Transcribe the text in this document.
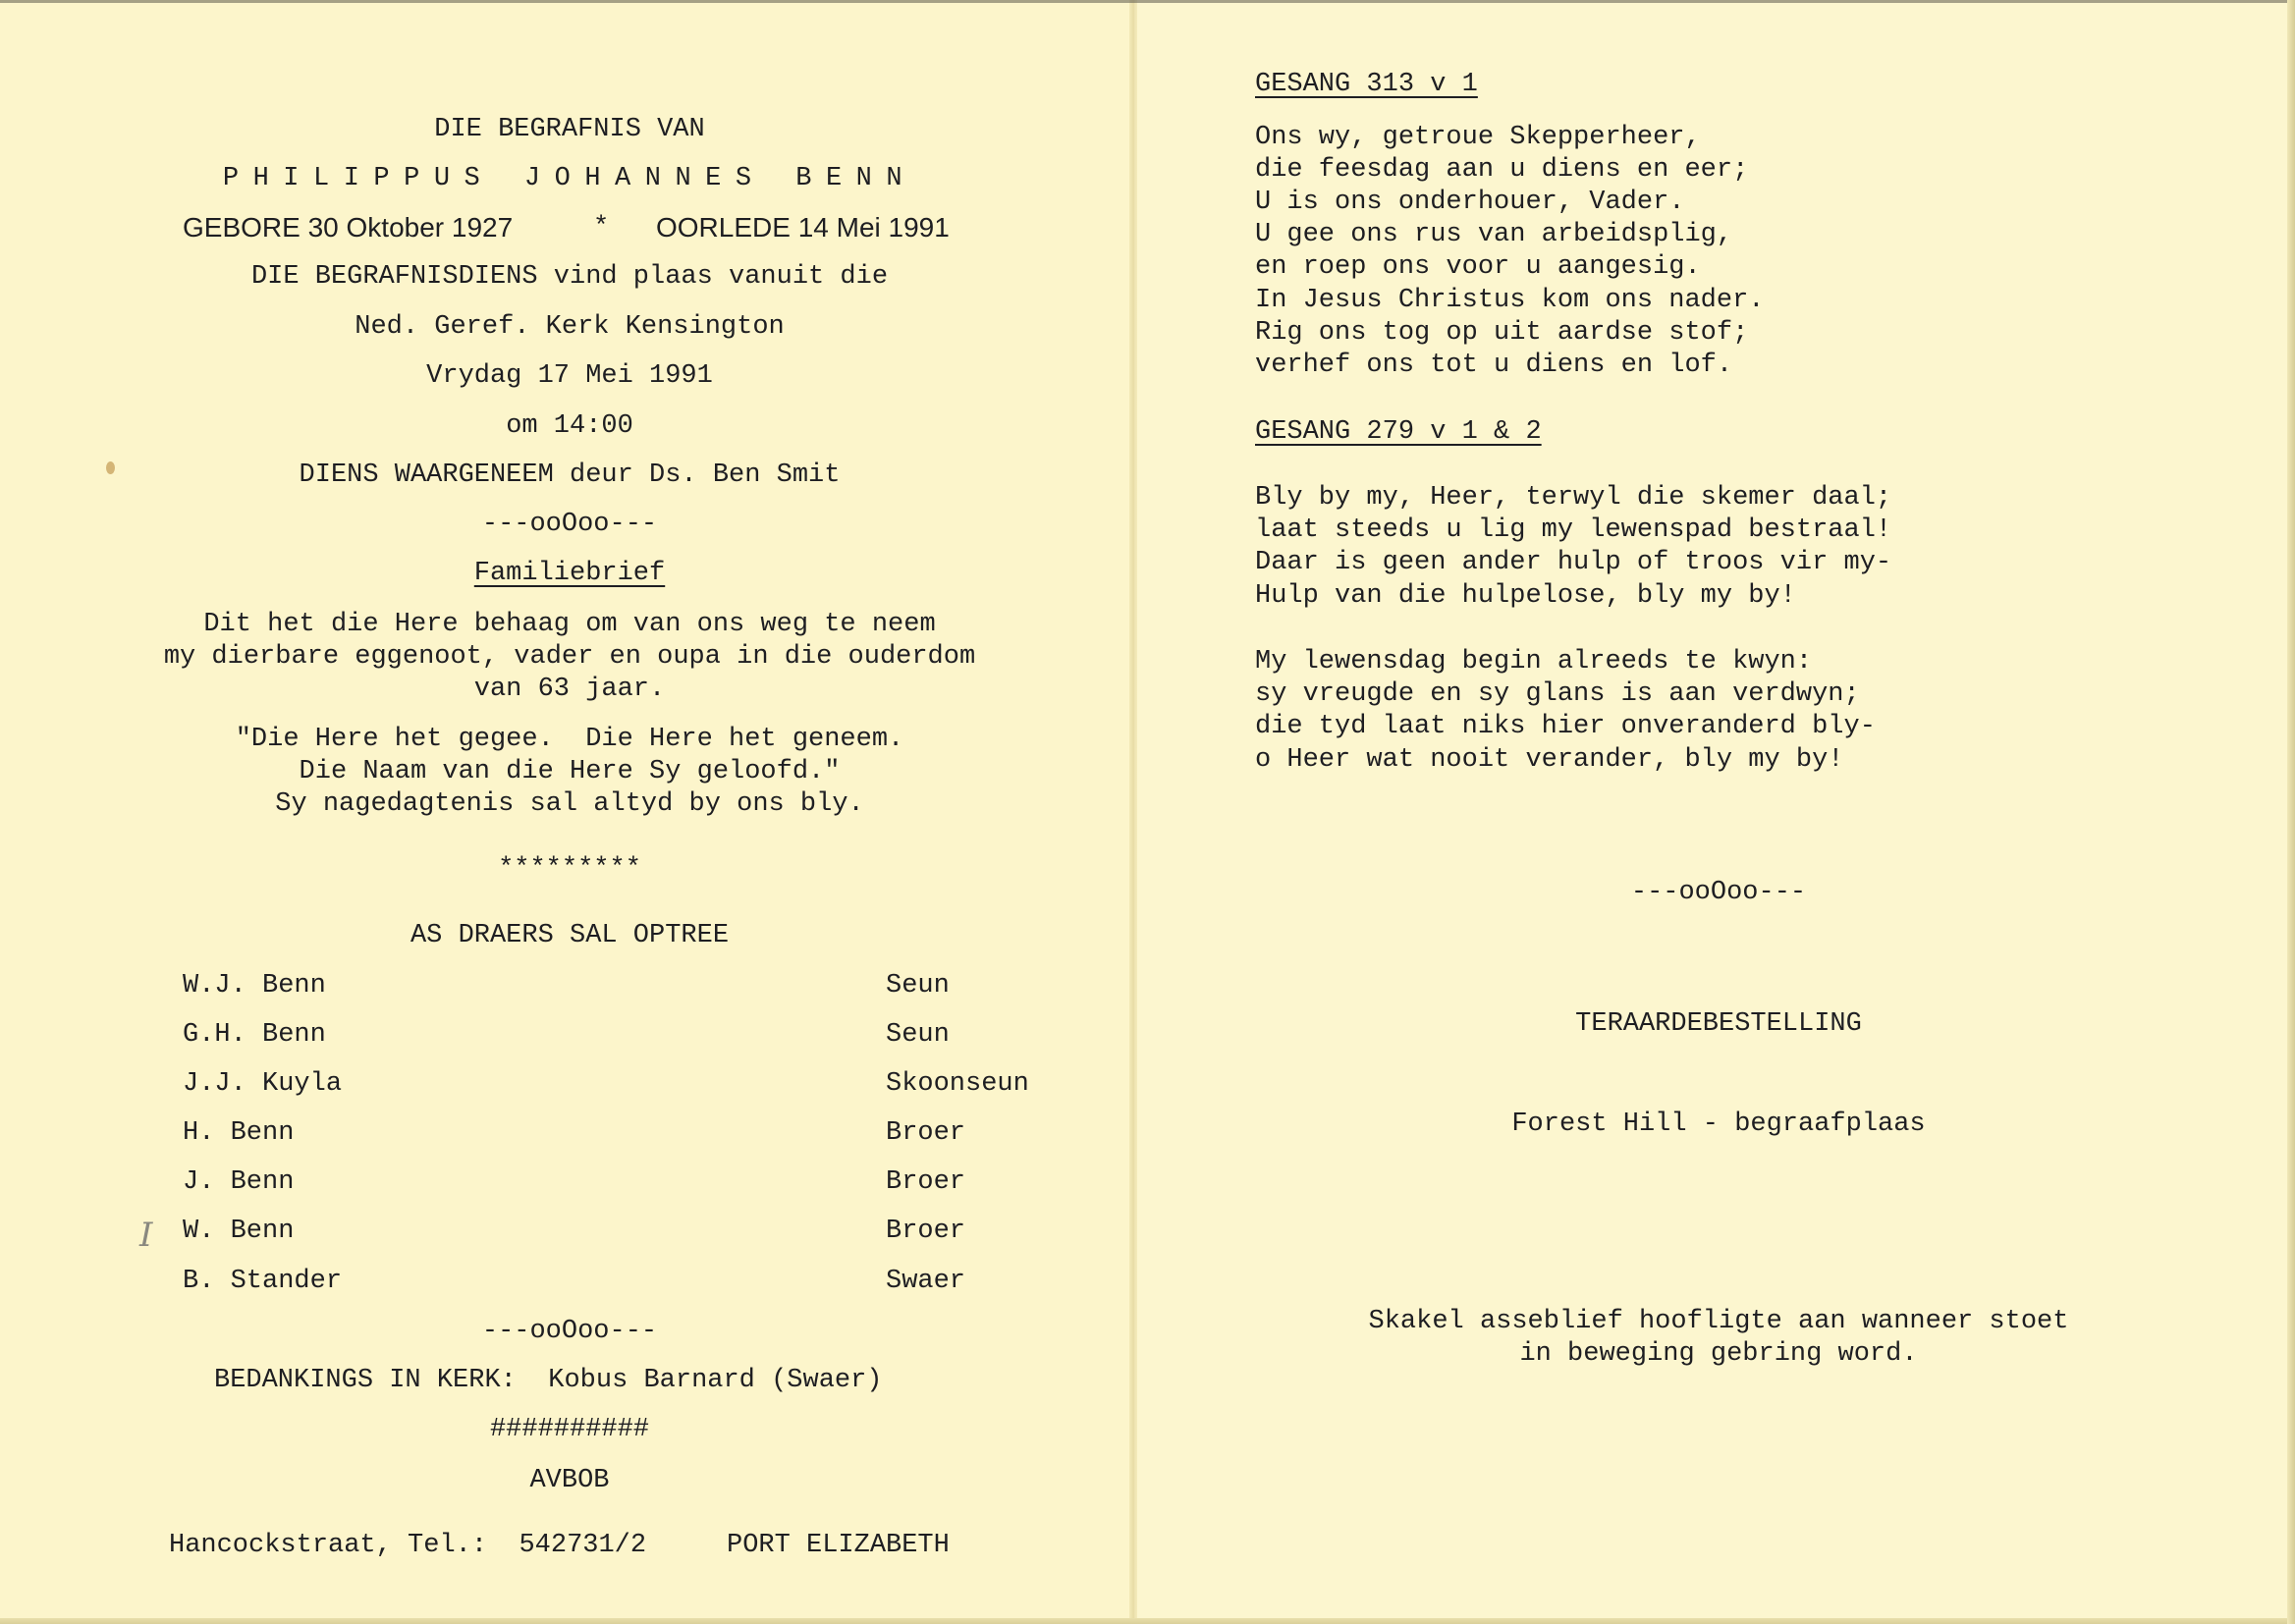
DIE BEGRAFNIS VAN
PHILIPPUS JOHANNES BENN
GEBORE 30 Oktober 1927	* OORLEDE 14 Mei 1991
DIE BEGRAFNISDIENS vind plaas vanuit die
Ned. Geref. Kerk Kensington
Vrydag 17 Mei 1991
om 14:00
DIENS WAARGENEEM deur Ds. Ben Smit
---ooOoo---
Familiebrief
Dit het die Here behaag om van ons weg te neem
my dierbare eggenoot, vader en oupa in die ouderdom
van 63 jaar.
"Die Here het gegee.  Die Here het geneem.
Die Naam van die Here Sy geloofd."
Sy nagedagtenis sal altyd by ons bly.
*********
AS DRAERS SAL OPTREE
W.J. Benn	Seun
G.H. Benn	Seun
J.J. Kuyla	Skoonseun
H. Benn	Broer
J. Benn	Broer
W. Benn	Broer
B. Stander	Swaer
I
---ooOoo---
BEDANKINGS IN KERK:  Kobus Barnard (Swaer)
##########
AVBOB
Hancockstraat, Tel.:  542731/2	PORT ELIZABETH
GESANG 313 v 1
Ons wy, getroue Skepperheer,
die feesdag aan u diens en eer;
U is ons onderhouer, Vader.
U gee ons rus van arbeidsplig,
en roep ons voor u aangesig.
In Jesus Christus kom ons nader.
Rig ons tog op uit aardse stof;
verhef ons tot u diens en lof.
GESANG 279 v 1 & 2
Bly by my, Heer, terwyl die skemer daal;
laat steeds u lig my lewenspad bestraal!
Daar is geen ander hulp of troos vir my-
Hulp van die hulpelose, bly my by!
My lewensdag begin alreeds te kwyn:
sy vreugde en sy glans is aan verdwyn;
die tyd laat niks hier onveranderd bly-
o Heer wat nooit verander, bly my by!
---ooOoo---
TERAARDEBESTELLING
Forest Hill - begraafplaas
Skakel asseblief hoofligte aan wanneer stoet
in beweging gebring word.
